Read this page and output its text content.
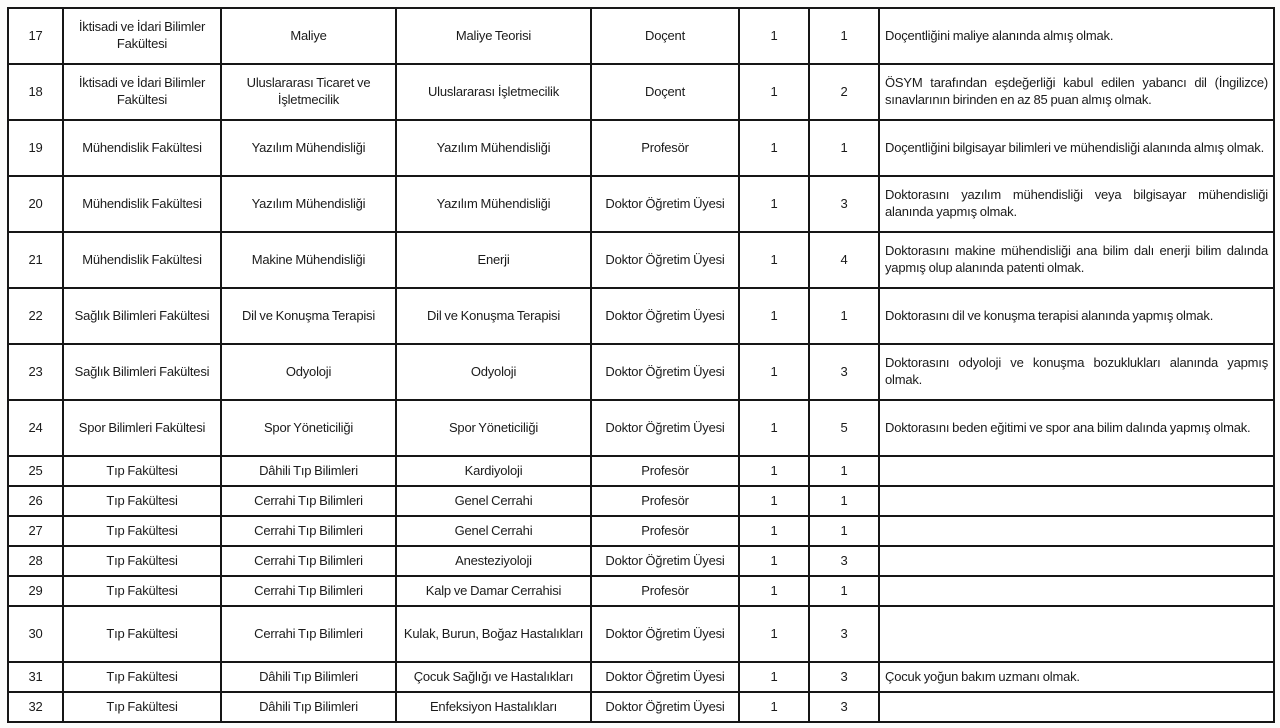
17	İktisadi ve İdari Bilimler Fakültesi	Maliye	Maliye Teorisi	Doçent	1	1	Doçentliğini maliye alanında almış olmak.
18	İktisadi ve İdari Bilimler Fakültesi	Uluslararası Ticaret ve İşletmecilik	Uluslararası İşletmecilik	Doçent	1	2	ÖSYM tarafından eşdeğerliği kabul edilen yabancı dil (İngilizce) sınavlarının birinden en az 85 puan almış olmak.
19	Mühendislik Fakültesi	Yazılım Mühendisliği	Yazılım Mühendisliği	Profesör	1	1	Doçentliğini bilgisayar bilimleri ve mühendisliği alanında almış olmak.
20	Mühendislik Fakültesi	Yazılım Mühendisliği	Yazılım Mühendisliği	Doktor Öğretim Üyesi	1	3	Doktorasını yazılım mühendisliği veya bilgisayar mühendisliği alanında yapmış olmak.
21	Mühendislik Fakültesi	Makine Mühendisliği	Enerji	Doktor Öğretim Üyesi	1	4	Doktorasını makine mühendisliği ana bilim dalı enerji bilim dalında yapmış olup alanında patenti olmak.
22	Sağlık Bilimleri Fakültesi	Dil ve Konuşma Terapisi	Dil ve Konuşma Terapisi	Doktor Öğretim Üyesi	1	1	Doktorasını dil ve konuşma terapisi alanında yapmış olmak.
23	Sağlık Bilimleri Fakültesi	Odyoloji	Odyoloji	Doktor Öğretim Üyesi	1	3	Doktorasını odyoloji ve konuşma bozuklukları alanında yapmış olmak.
24	Spor Bilimleri Fakültesi	Spor Yöneticiliği	Spor Yöneticiliği	Doktor Öğretim Üyesi	1	5	Doktorasını beden eğitimi ve spor ana bilim dalında yapmış olmak.
25	Tıp Fakültesi	Dâhili Tıp Bilimleri	Kardiyoloji	Profesör	1	1	
26	Tıp Fakültesi	Cerrahi Tıp Bilimleri	Genel Cerrahi	Profesör	1	1	
27	Tıp Fakültesi	Cerrahi Tıp Bilimleri	Genel Cerrahi	Profesör	1	1	
28	Tıp Fakültesi	Cerrahi Tıp Bilimleri	Anesteziyoloji	Doktor Öğretim Üyesi	1	3	
29	Tıp Fakültesi	Cerrahi Tıp Bilimleri	Kalp ve Damar Cerrahisi	Profesör	1	1	
30	Tıp Fakültesi	Cerrahi Tıp Bilimleri	Kulak, Burun, Boğaz Hastalıkları	Doktor Öğretim Üyesi	1	3	
31	Tıp Fakültesi	Dâhili Tıp Bilimleri	Çocuk Sağlığı ve Hastalıkları	Doktor Öğretim Üyesi	1	3	Çocuk yoğun bakım uzmanı olmak.
32	Tıp Fakültesi	Dâhili Tıp Bilimleri	Enfeksiyon Hastalıkları	Doktor Öğretim Üyesi	1	3	
